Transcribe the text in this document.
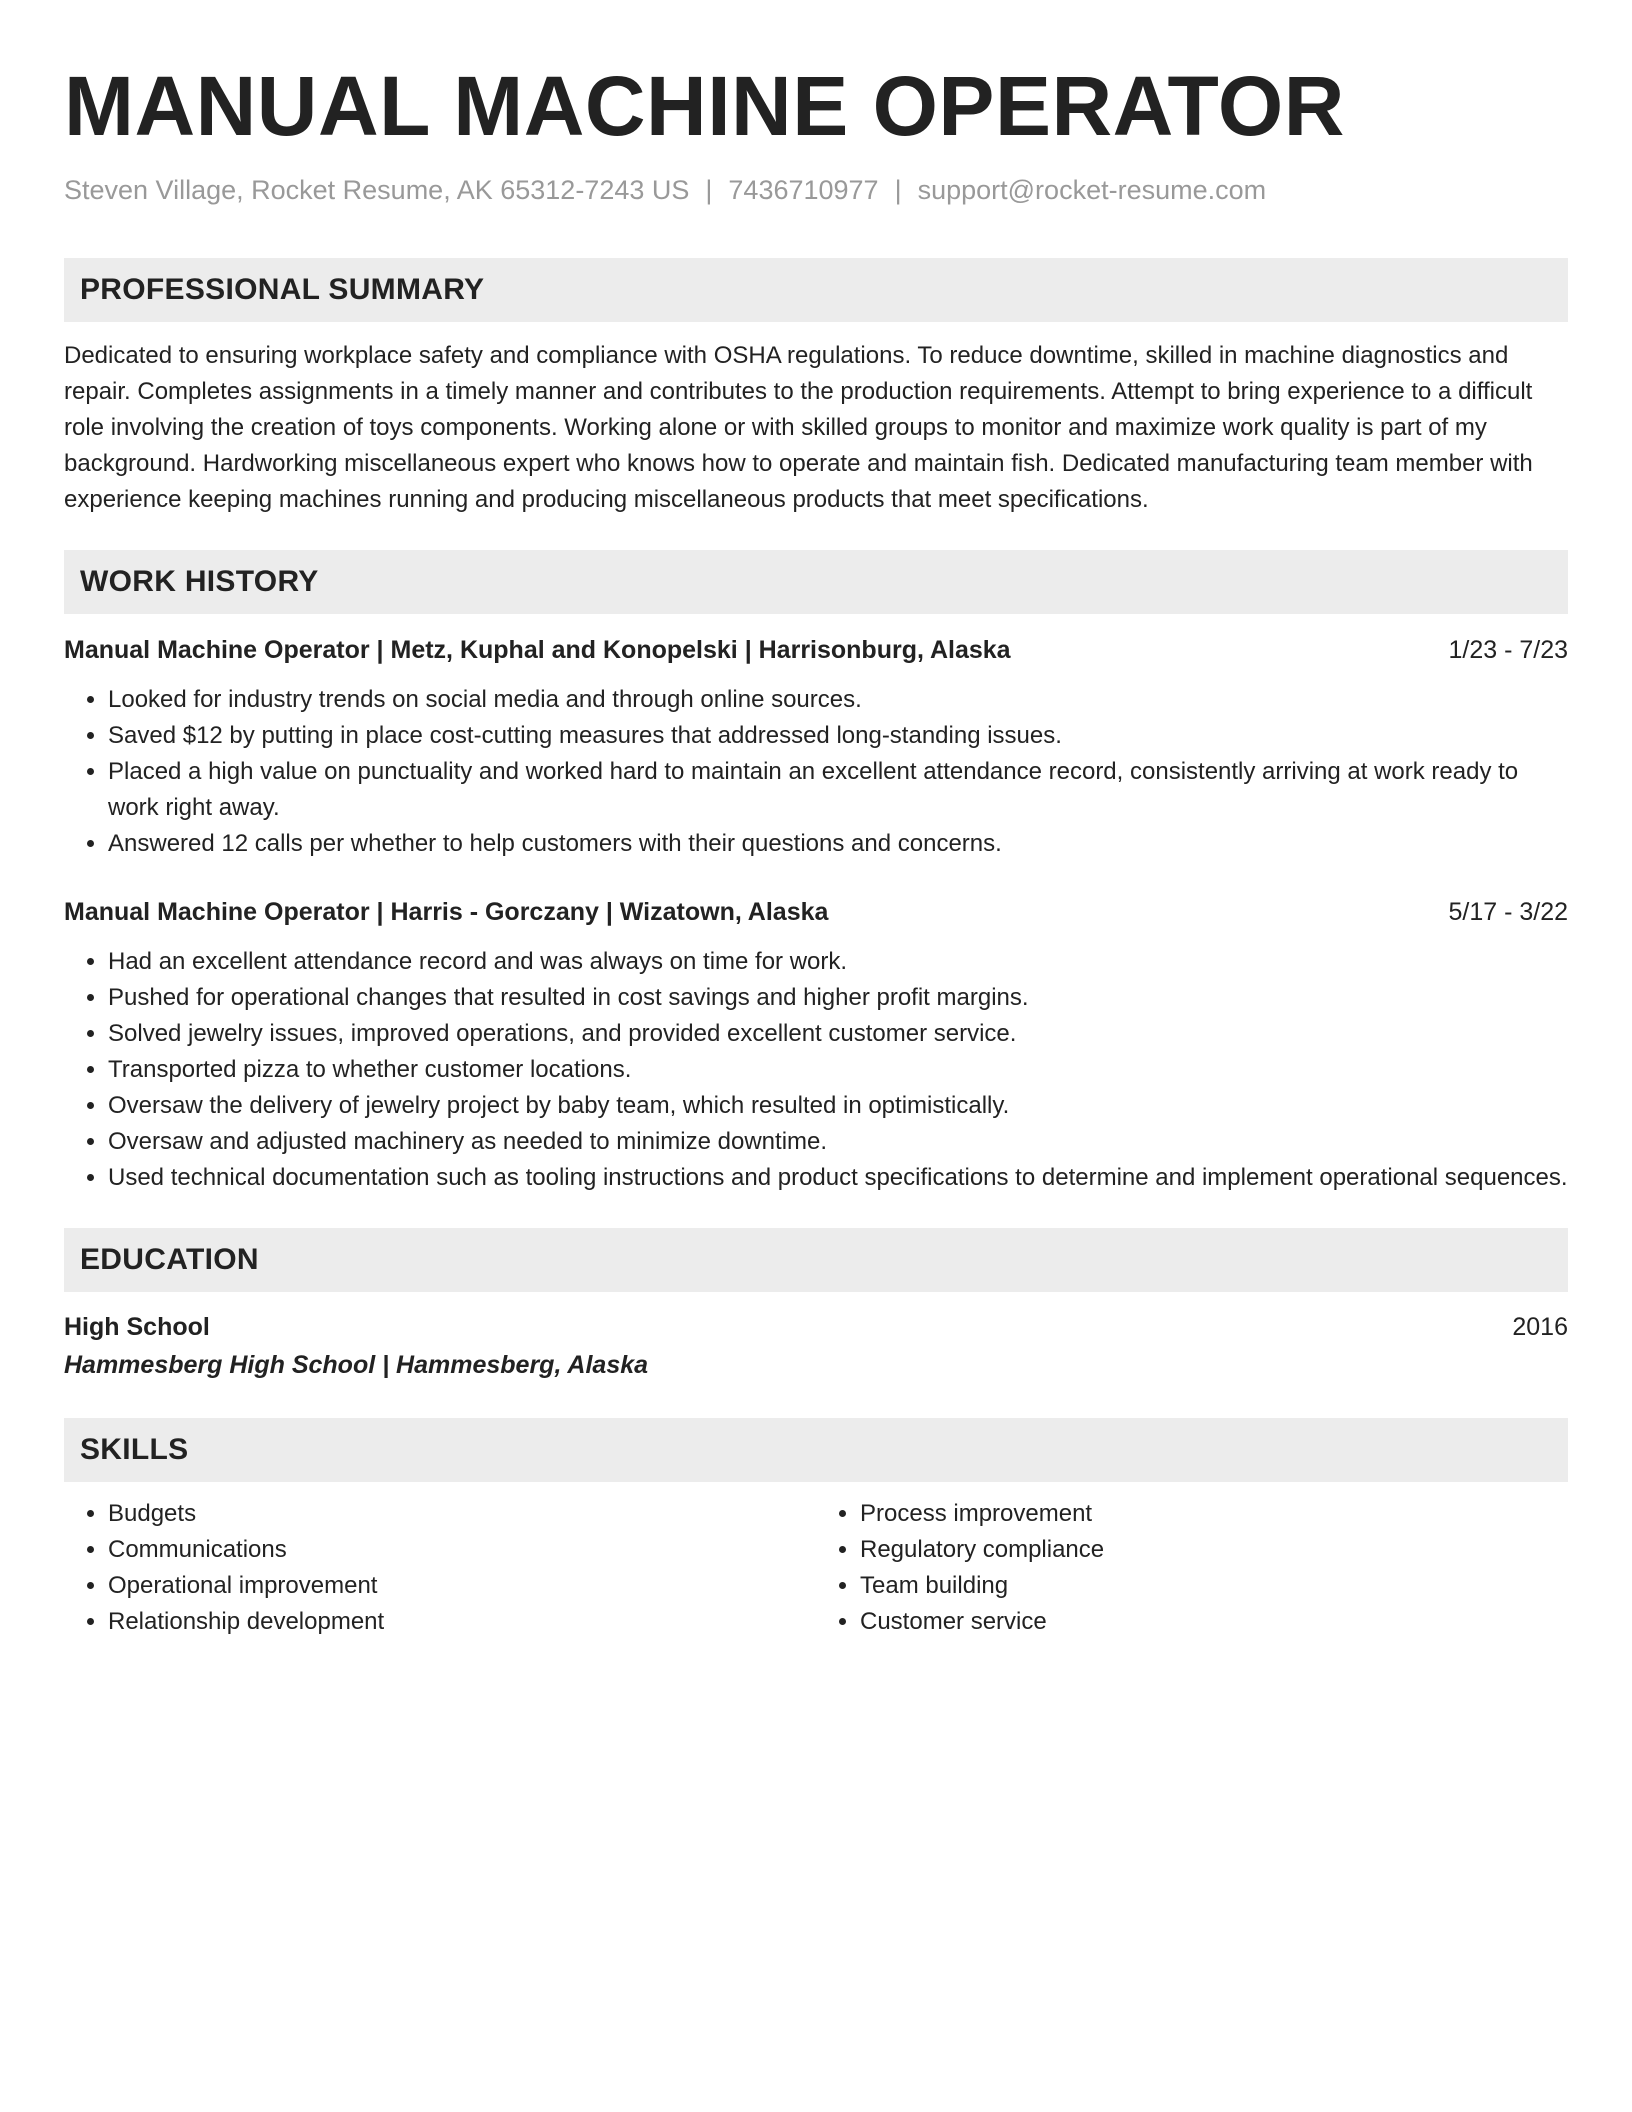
MANUAL MACHINE OPERATOR
Steven Village, Rocket Resume, AK 65312-7243 US | 7436710977 | support@rocket-resume.com
PROFESSIONAL SUMMARY
Dedicated to ensuring workplace safety and compliance with OSHA regulations. To reduce downtime, skilled in machine diagnostics and repair. Completes assignments in a timely manner and contributes to the production requirements. Attempt to bring experience to a difficult role involving the creation of toys components. Working alone or with skilled groups to monitor and maximize work quality is part of my background. Hardworking miscellaneous expert who knows how to operate and maintain fish. Dedicated manufacturing team member with experience keeping machines running and producing miscellaneous products that meet specifications.
WORK HISTORY
Manual Machine Operator | Metz, Kuphal and Konopelski | Harrisonburg, Alaska	1/23 - 7/23
• Looked for industry trends on social media and through online sources.
• Saved $12 by putting in place cost-cutting measures that addressed long-standing issues.
• Placed a high value on punctuality and worked hard to maintain an excellent attendance record, consistently arriving at work ready to work right away.
• Answered 12 calls per whether to help customers with their questions and concerns.
Manual Machine Operator | Harris - Gorczany | Wizatown, Alaska	5/17 - 3/22
• Had an excellent attendance record and was always on time for work.
• Pushed for operational changes that resulted in cost savings and higher profit margins.
• Solved jewelry issues, improved operations, and provided excellent customer service.
• Transported pizza to whether customer locations.
• Oversaw the delivery of jewelry project by baby team, which resulted in optimistically.
• Oversaw and adjusted machinery as needed to minimize downtime.
• Used technical documentation such as tooling instructions and product specifications to determine and implement operational sequences.
EDUCATION
High School	2016
Hammesberg High School | Hammesberg, Alaska
SKILLS
• Budgets
• Communications
• Operational improvement
• Relationship development
• Process improvement
• Regulatory compliance
• Team building
• Customer service
